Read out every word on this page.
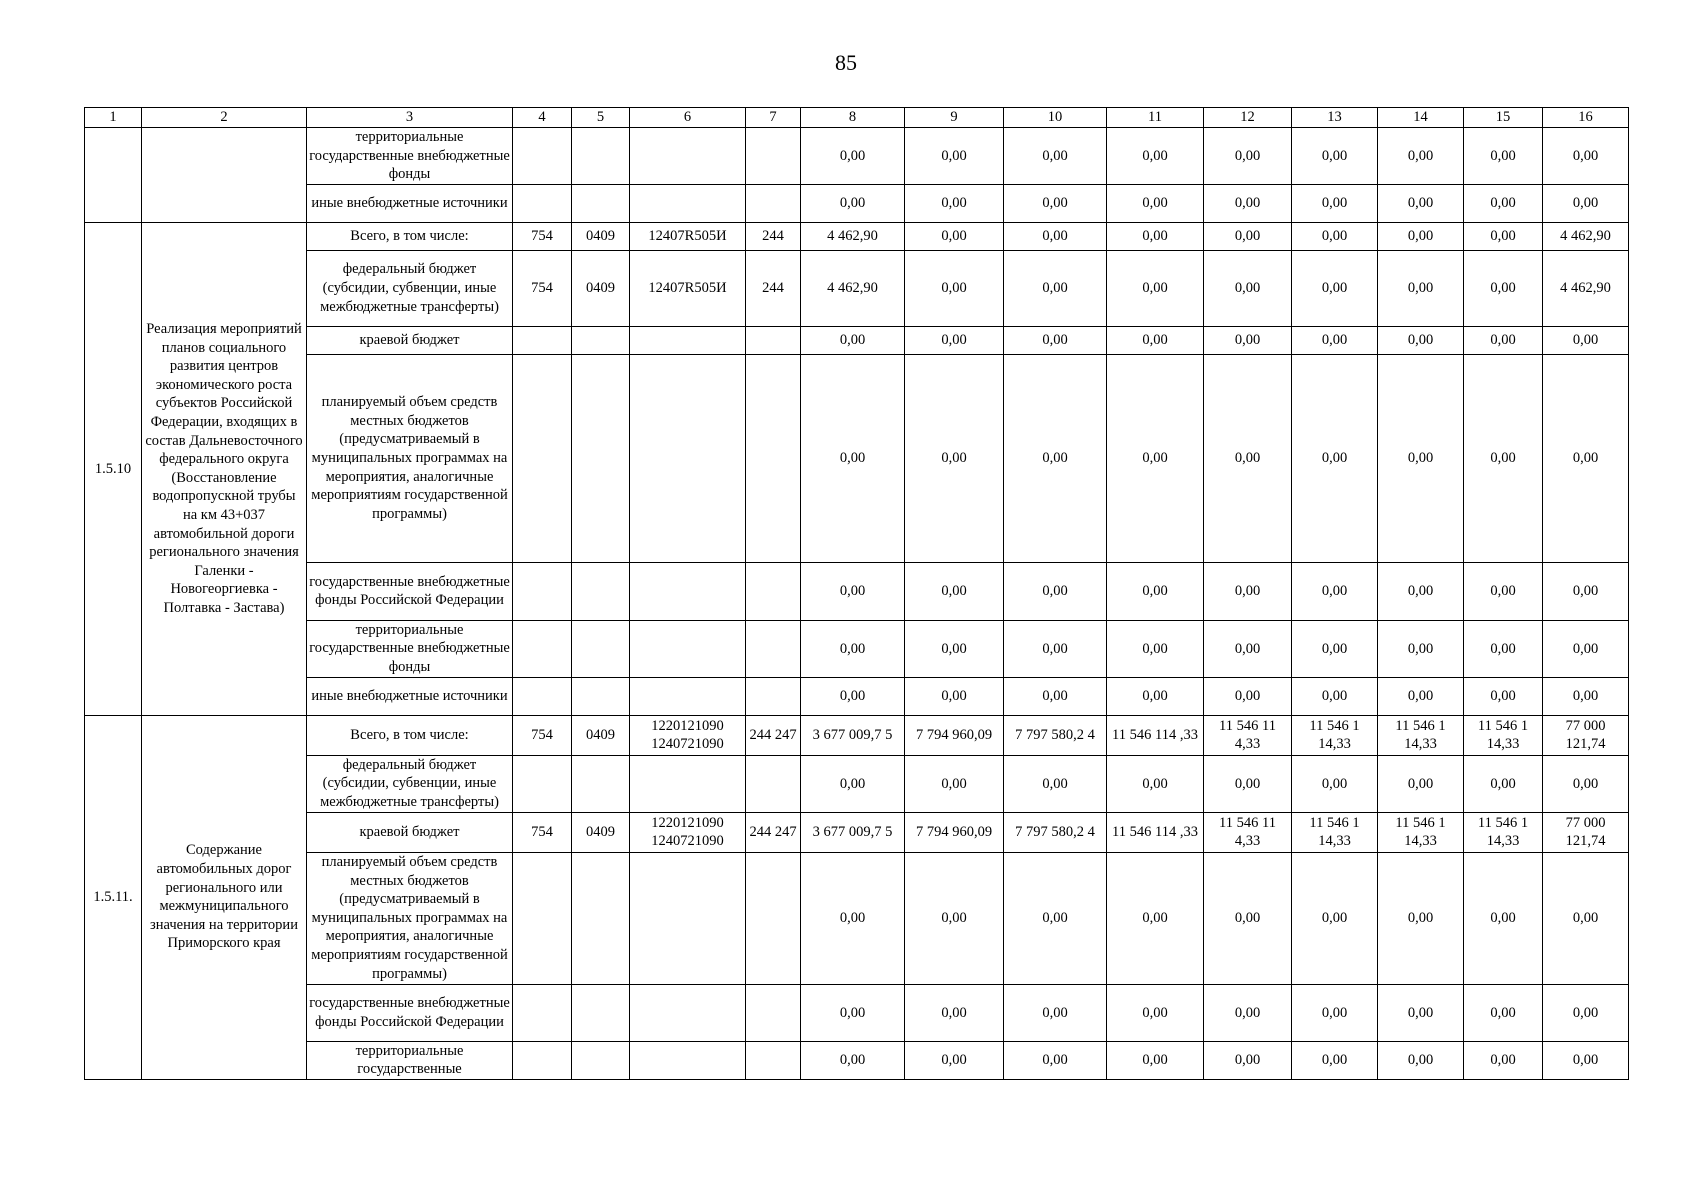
85
1	2	3	4	5	6	7	8	9	10	11	12	13	14	15	16
		территориальные государственные внебюджетные фонды					0,00	0,00	0,00	0,00	0,00	0,00	0,00	0,00	0,00
		иные внебюджетные источники					0,00	0,00	0,00	0,00	0,00	0,00	0,00	0,00	0,00
1.5.10	Реализация мероприятий планов социального развития центров экономического роста субъектов Российской Федерации, входящих в состав Дальневосточного федерального округа (Восстановление водопропускной трубы на км 43+037 автомобильной дороги регионального значения Галенки - Новогеоргиевка - Полтавка - Застава)	Всего, в том числе:	754	0409	12407R505И	244	4 462,90	0,00	0,00	0,00	0,00	0,00	0,00	0,00	4 462,90
		федеральный бюджет (субсидии, субвенции, иные межбюджетные трансферты)	754	0409	12407R505И	244	4 462,90	0,00	0,00	0,00	0,00	0,00	0,00	0,00	4 462,90
		краевой бюджет					0,00	0,00	0,00	0,00	0,00	0,00	0,00	0,00	0,00
		планируемый объем средств местных бюджетов (предусматриваемый в муниципальных программах на мероприятия, аналогичные мероприятиям государственной программы)					0,00	0,00	0,00	0,00	0,00	0,00	0,00	0,00	0,00
		государственные внебюджетные фонды Российской Федерации					0,00	0,00	0,00	0,00	0,00	0,00	0,00	0,00	0,00
		территориальные государственные внебюджетные фонды					0,00	0,00	0,00	0,00	0,00	0,00	0,00	0,00	0,00
		иные внебюджетные источники					0,00	0,00	0,00	0,00	0,00	0,00	0,00	0,00	0,00
1.5.11.	Содержание автомобильных дорог регионального или межмуниципального значения на территории Приморского края	Всего, в том числе:	754	0409	1220121090 1240721090	244 247	3 677 009,7 5	7 794 960,09	7 797 580,2 4	11 546 114 ,33	11 546 11 4,33	11 546 1 14,33	11 546 1 14,33	11 546 1 14,33	77 000 121,74
		федеральный бюджет (субсидии, субвенции, иные межбюджетные трансферты)					0,00	0,00	0,00	0,00	0,00	0,00	0,00	0,00	0,00
		краевой бюджет	754	0409	1220121090 1240721090	244 247	3 677 009,7 5	7 794 960,09	7 797 580,2 4	11 546 114 ,33	11 546 11 4,33	11 546 1 14,33	11 546 1 14,33	11 546 1 14,33	77 000 121,74
		планируемый объем средств местных бюджетов (предусматриваемый в муниципальных программах на мероприятия, аналогичные мероприятиям государственной программы)					0,00	0,00	0,00	0,00	0,00	0,00	0,00	0,00	0,00
		государственные внебюджетные фонды Российской Федерации					0,00	0,00	0,00	0,00	0,00	0,00	0,00	0,00	0,00
		территориальные государственные					0,00	0,00	0,00	0,00	0,00	0,00	0,00	0,00	0,00
